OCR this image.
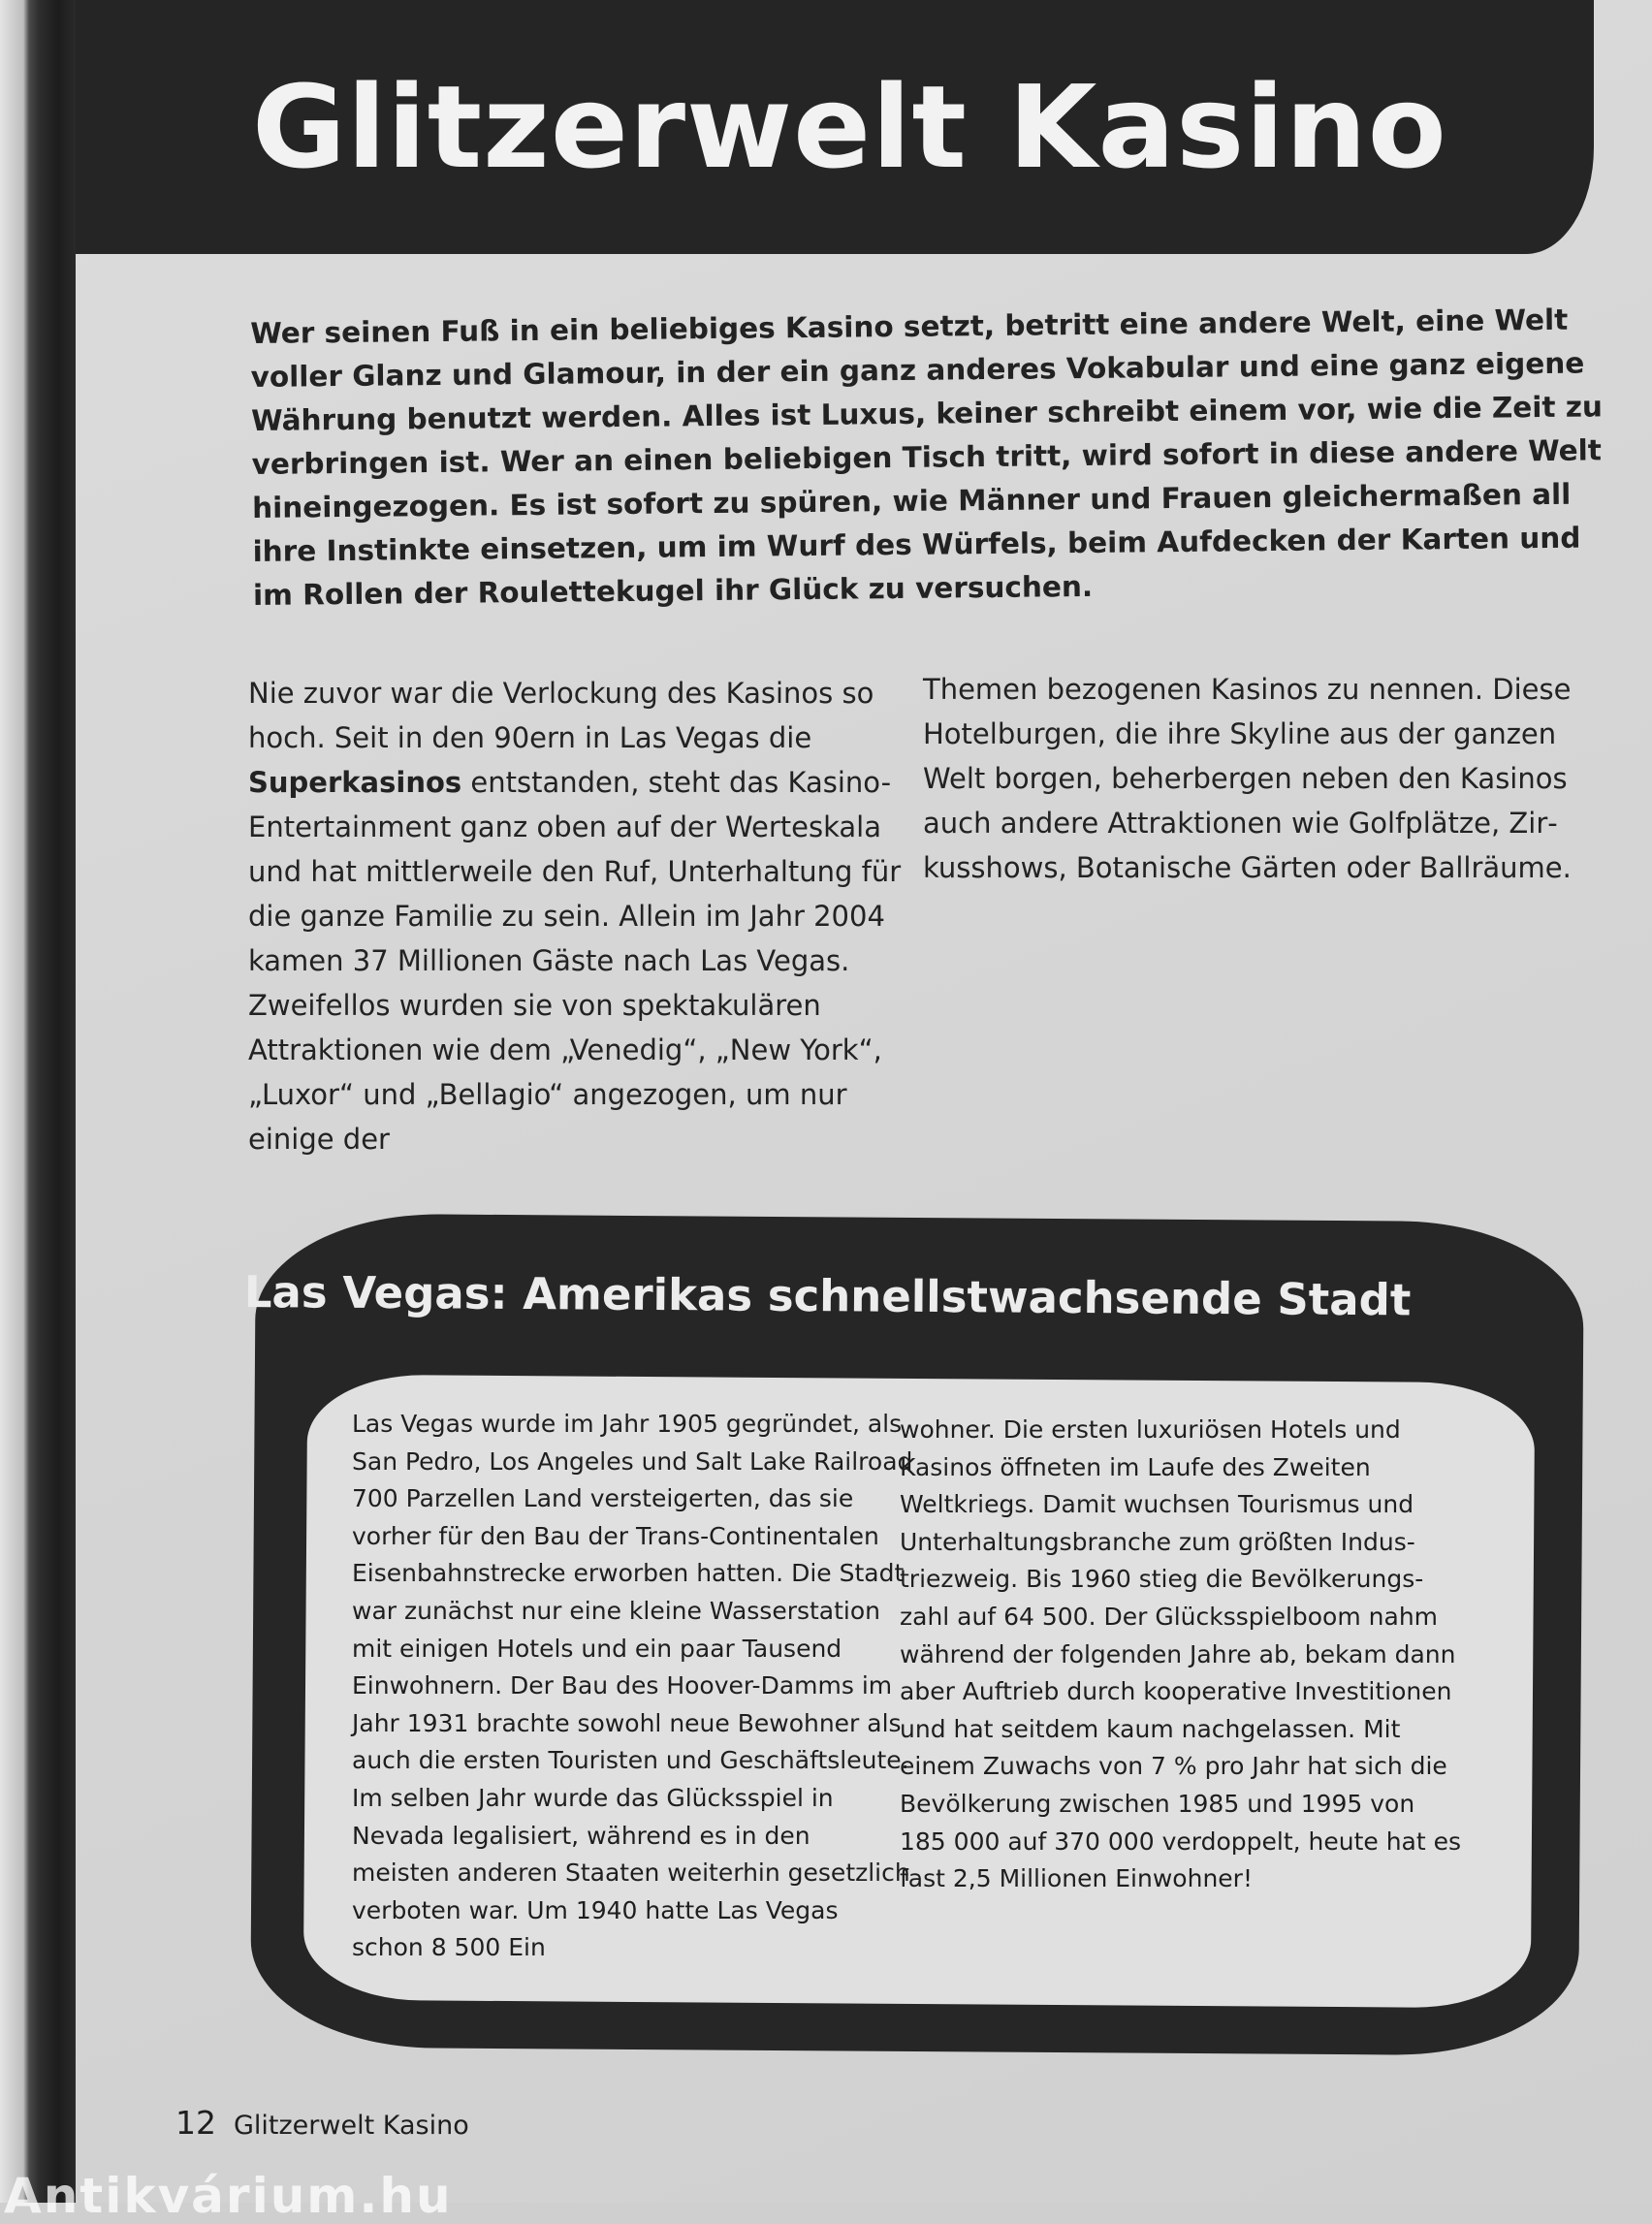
Glitzerwelt Kasino

Wer seinen Fuß in ein beliebiges Kasino setzt, betritt eine andere Welt, eine Welt voller Glanz und Glamour, in der ein ganz anderes Vokabular und eine ganz eigene Währung benutzt werden. Alles ist Luxus, keiner schreibt einem vor, wie die Zeit zu verbringen ist. Wer an einen beliebigen Tisch tritt, wird sofort in diese andere Welt hineingezogen. Es ist sofort zu spüren, wie Männer und Frauen gleichermaßen all ihre Instinkte einsetzen, um im Wurf des Würfels, beim Aufdecken der Karten und im Rollen der Roulettekugel ihr Glück zu versuchen.

Nie zuvor war die Verlockung des Kasinos so hoch. Seit in den 90ern in Las Vegas die Superkasinos entstanden, steht das Kasino-Entertainment ganz oben auf der Werteskala und hat mittlerweile den Ruf, Unterhaltung für die ganze Familie zu sein. Allein im Jahr 2004 kamen 37 Millionen Gäste nach Las Vegas. Zweifellos wurden sie von spektakulären Attraktionen wie dem „Venedig“, „New York“, „Luxor“ und „Bellagio“ angezogen, um nur einige der

Themen bezogenen Kasinos zu nennen. Diese Hotelburgen, die ihre Skyline aus der ganzen Welt borgen, beherbergen neben den Kasinos auch andere Attraktionen wie Golfplätze, Zirkusshows, Botanische Gärten oder Ballräume.

Las Vegas: Amerikas schnellstwachsende Stadt

Las Vegas wurde im Jahr 1905 gegründet, als San Pedro, Los Angeles und Salt Lake Railroad 700 Parzellen Land versteigerten, das sie vorher für den Bau der Trans-Continentalen Eisenbahnstrecke erworben hatten. Die Stadt war zunächst nur eine kleine Wasserstation mit einigen Hotels und ein paar Tausend Einwohnern. Der Bau des Hoover-Damms im Jahr 1931 brachte sowohl neue Bewohner als auch die ersten Touristen und Geschäftsleute. Im selben Jahr wurde das Glücksspiel in Nevada legalisiert, während es in den meisten anderen Staaten weiterhin gesetzlich verboten war. Um 1940 hatte Las Vegas schon 8 500 Ein

wohner. Die ersten luxuriösen Hotels und Kasinos öffneten im Laufe des Zweiten Weltkriegs. Damit wuchsen Tourismus und Unterhaltungsbranche zum größten Industriezweig. Bis 1960 stieg die Bevölkerungszahl auf 64 500. Der Glücksspielboom nahm während der folgenden Jahre ab, bekam dann aber Auftrieb durch kooperative Investitionen und hat seitdem kaum nachgelassen. Mit einem Zuwachs von 7 % pro Jahr hat sich die Bevölkerung zwischen 1985 und 1995 von 185 000 auf 370 000 verdoppelt, heute hat es fast 2,5 Millionen Einwohner!

12 Glitzerwelt Kasino
Antikvárium.hu
